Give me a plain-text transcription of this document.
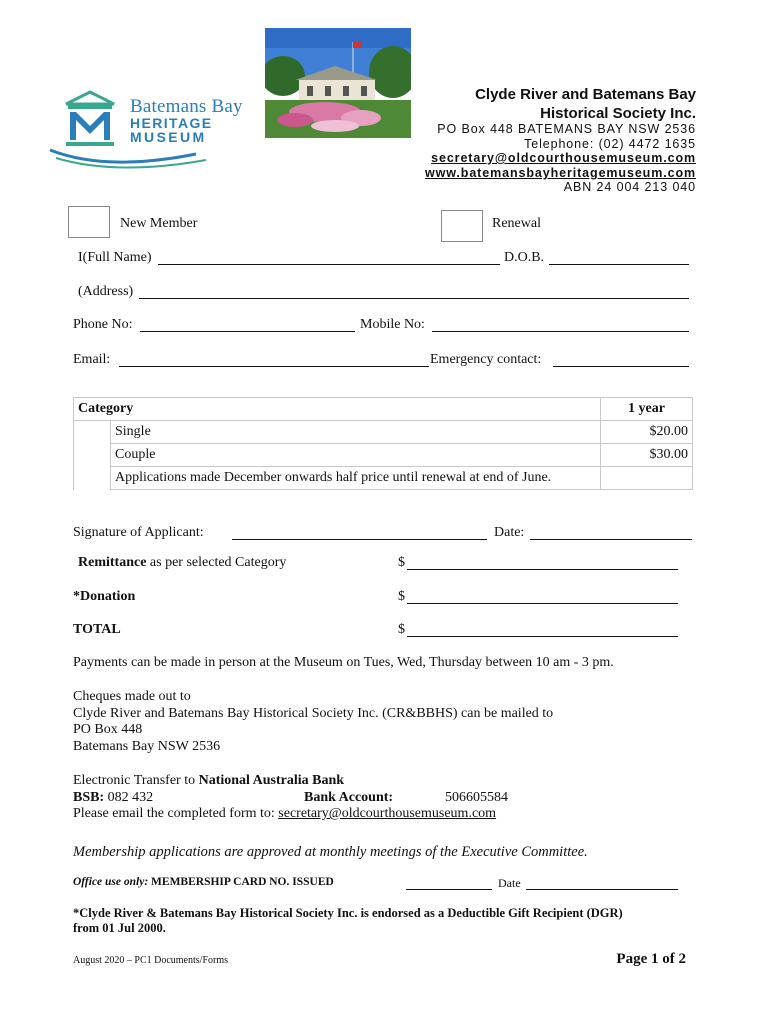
Batemans Bay
HERITAGE
MUSEUM
Clyde River and Batemans Bay
Historical Society Inc.
PO Box 448 BATEMANS BAY NSW 2536
Telephone: (02) 4472 1635
secretary@oldcourthousemuseum.com
www.batemansbayheritagemuseum.com
ABN 24 004 213 040
New Member	Renewal
I(Full Name)	D.O.B.
(Address)
Phone No:	Mobile No:
Email:	Emergency contact:
Category		1 year
	Single	$20.00
	Couple	$30.00
	Applications made December onwards half price until renewal at end of June.	
Signature of Applicant:	Date:
Remittance as per selected Category	$
*Donation	$
TOTAL	$
Payments can be made in person at the Museum on Tues, Wed, Thursday between 10 am - 3 pm.
Cheques made out to
Clyde River and Batemans Bay Historical Society Inc. (CR&BBHS) can be mailed to
PO Box 448
Batemans Bay NSW 2536
Electronic Transfer to National Australia Bank
BSB: 082 432	Bank Account:	506605584
Please email the completed form to: secretary@oldcourthousemuseum.com
Membership applications are approved at monthly meetings of the Executive Committee.
Office use only: MEMBERSHIP CARD NO. ISSUED	Date
*Clyde River & Batemans Bay Historical Society Inc. is endorsed as a Deductible Gift Recipient (DGR)
from 01 Jul 2000.
August 2020 – PC1 Documents/Forms	Page 1 of 2
